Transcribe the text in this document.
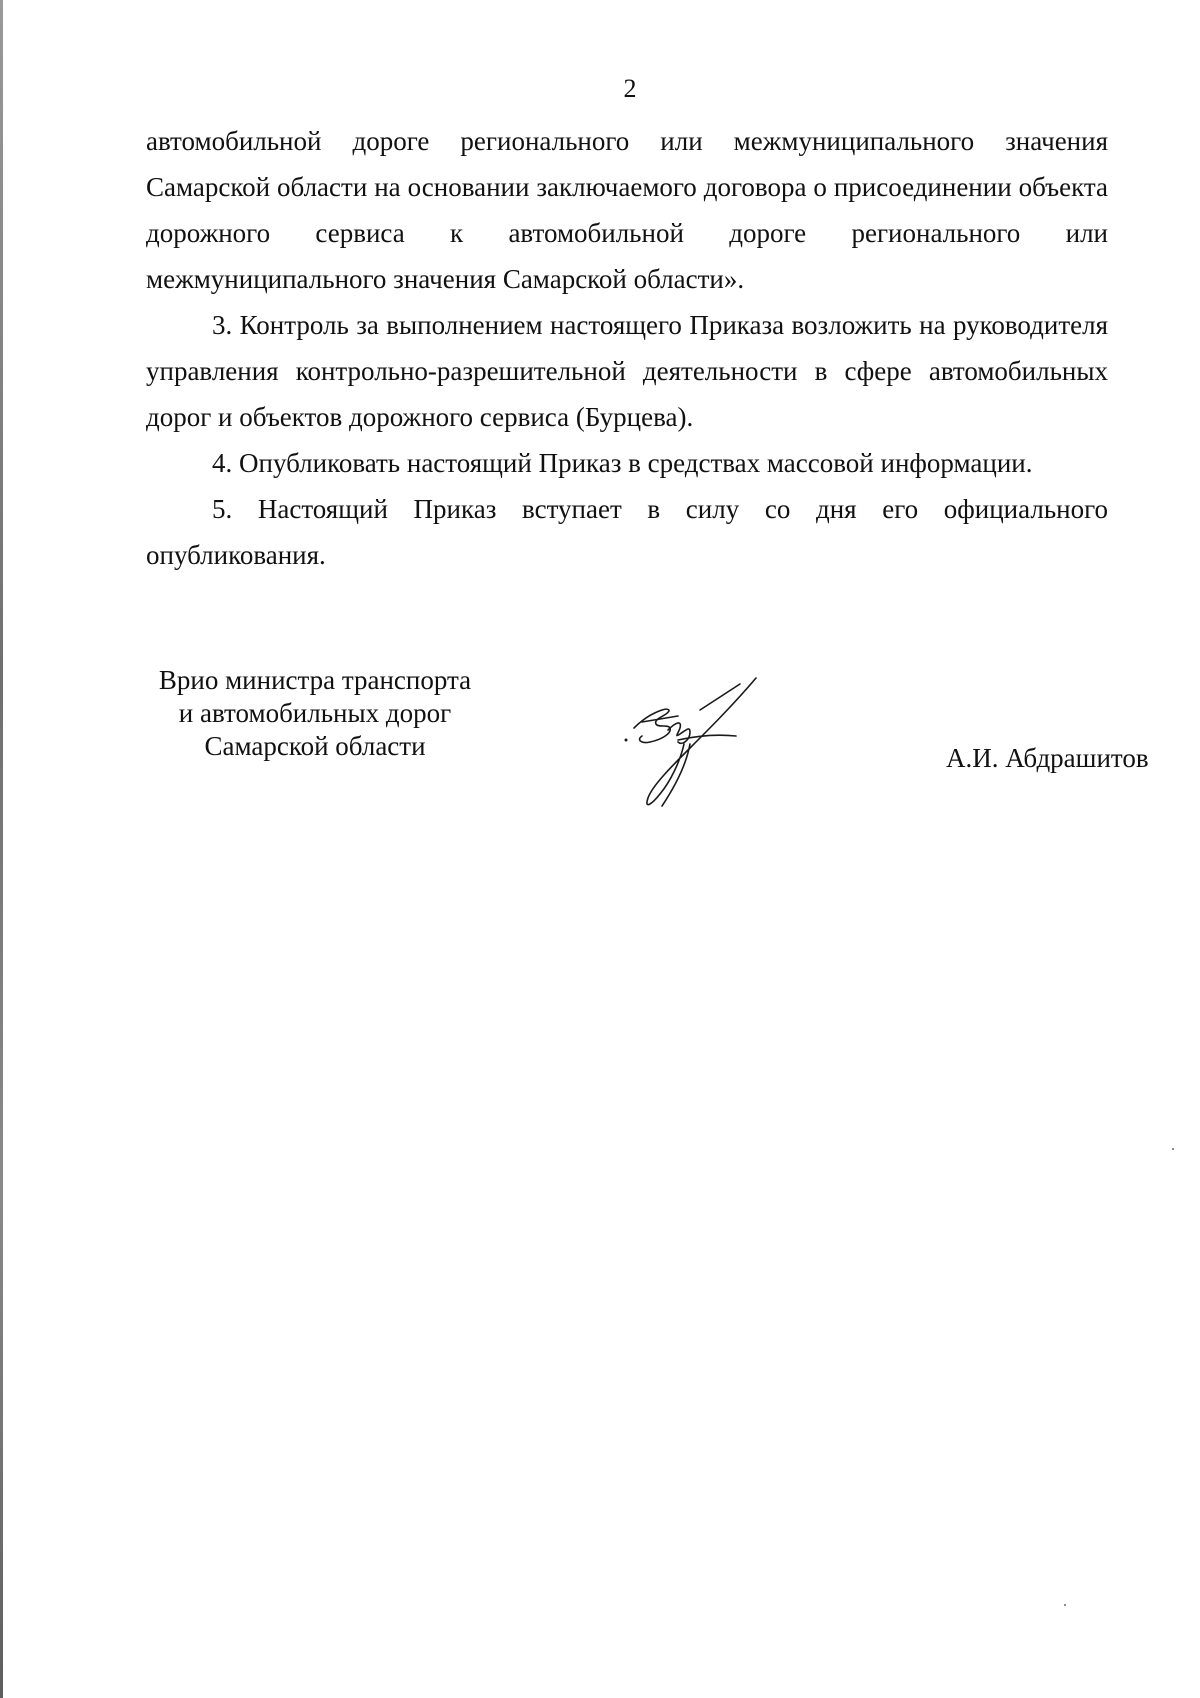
2

автомобильной дороге регионального или межмуниципального значения Самарской области на основании заключаемого договора о присоединении объекта дорожного сервиса к автомобильной дороге регионального или межмуниципального значения Самарской области».

3. Контроль за выполнением настоящего Приказа возложить на руководителя управления контрольно-разрешительной деятельности в сфере автомобильных дорог и объектов дорожного сервиса (Бурцева).

4. Опубликовать настоящий Приказ в средствах массовой информации.

5. Настоящий Приказ вступает в силу со дня его официального опубликования.

Врио министра транспорта
и автомобильных дорог
Самарской области	А.И. Абдрашитов
